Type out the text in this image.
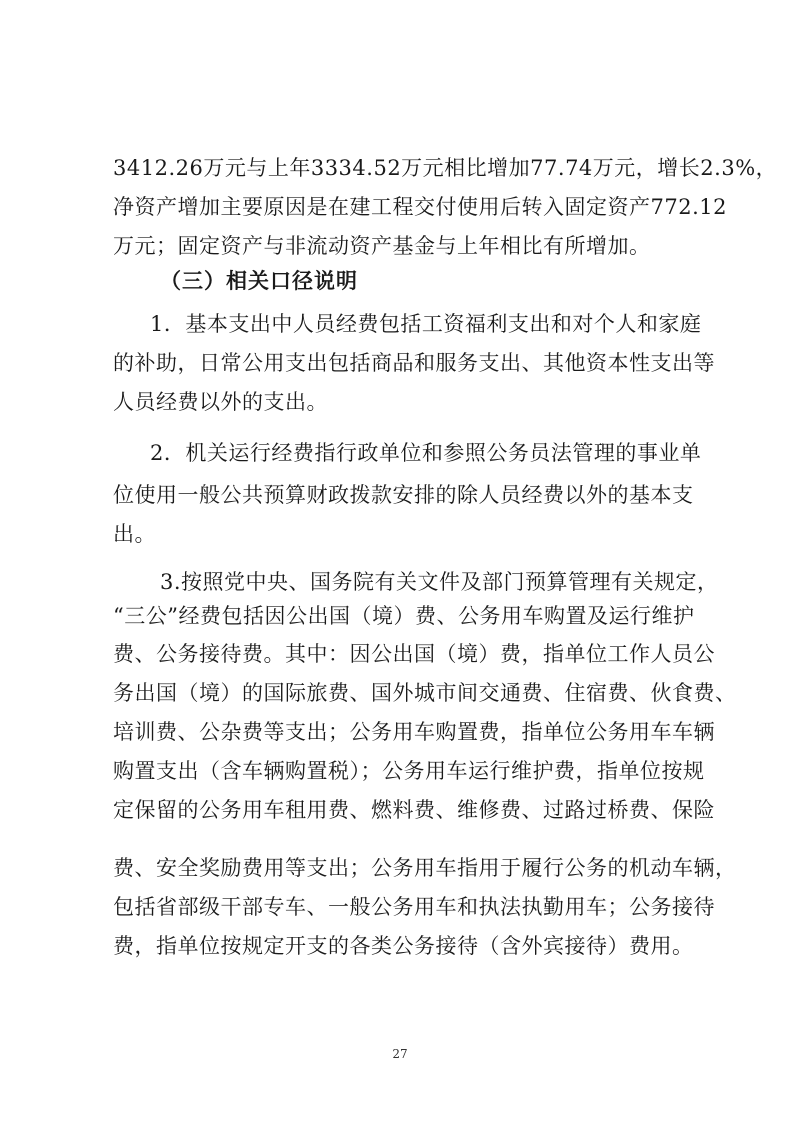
3412.26万元与上年3334.52万元相比增加77.74万元，增长2.3%，
净资产增加主要原因是在建工程交付使用后转入固定资产772.12
万元；固定资产与非流动资产基金与上年相比有所增加。
（三）相关口径说明
1．基本支出中人员经费包括工资福利支出和对个人和家庭
的补助，日常公用支出包括商品和服务支出、其他资本性支出等
人员经费以外的支出。
2．机关运行经费指行政单位和参照公务员法管理的事业单
位使用一般公共预算财政拨款安排的除人员经费以外的基本支
出。
3.按照党中央、国务院有关文件及部门预算管理有关规定，
“三公”经费包括因公出国（境）费、公务用车购置及运行维护
费、公务接待费。其中：因公出国（境）费，指单位工作人员公
务出国（境）的国际旅费、国外城市间交通费、住宿费、伙食费、
培训费、公杂费等支出；公务用车购置费，指单位公务用车车辆
购置支出（含车辆购置税）；公务用车运行维护费，指单位按规
定保留的公务用车租用费、燃料费、维修费、过路过桥费、保险
费、安全奖励费用等支出；公务用车指用于履行公务的机动车辆，
包括省部级干部专车、一般公务用车和执法执勤用车；公务接待
费，指单位按规定开支的各类公务接待（含外宾接待）费用。
27
